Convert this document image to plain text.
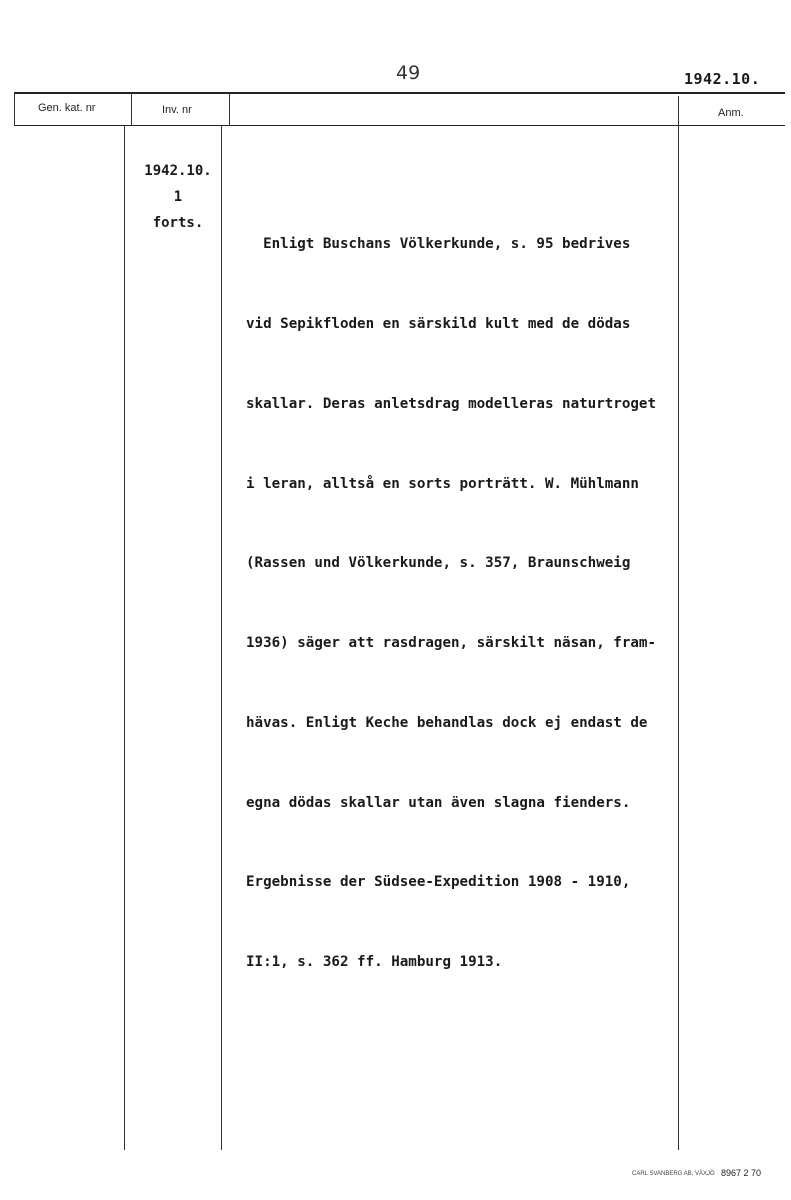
49	1942.10.
Gen. kat. nr	Inv. nr	Anm.
1942.10.
1
forts.

Enligt Buschans Völkerkunde, s. 95 bedrives

vid Sepikfloden en särskild kult med de dödas

skallar. Deras anletsdrag modelleras naturtroget

i leran, alltså en sorts porträtt. W. Mühlmann

(Rassen und Völkerkunde, s. 357, Braunschweig

1936) säger att rasdragen, särskilt näsan, fram-

hävas. Enligt Keche behandlas dock ej endast de

egna dödas skallar utan även slagna fienders.

Ergebnisse der Südsee-Expedition 1908 - 1910,

II:1, s. 362 ff. Hamburg 1913.

CARL SVANBERG AB, VÄXJÖ 8967 2 70
